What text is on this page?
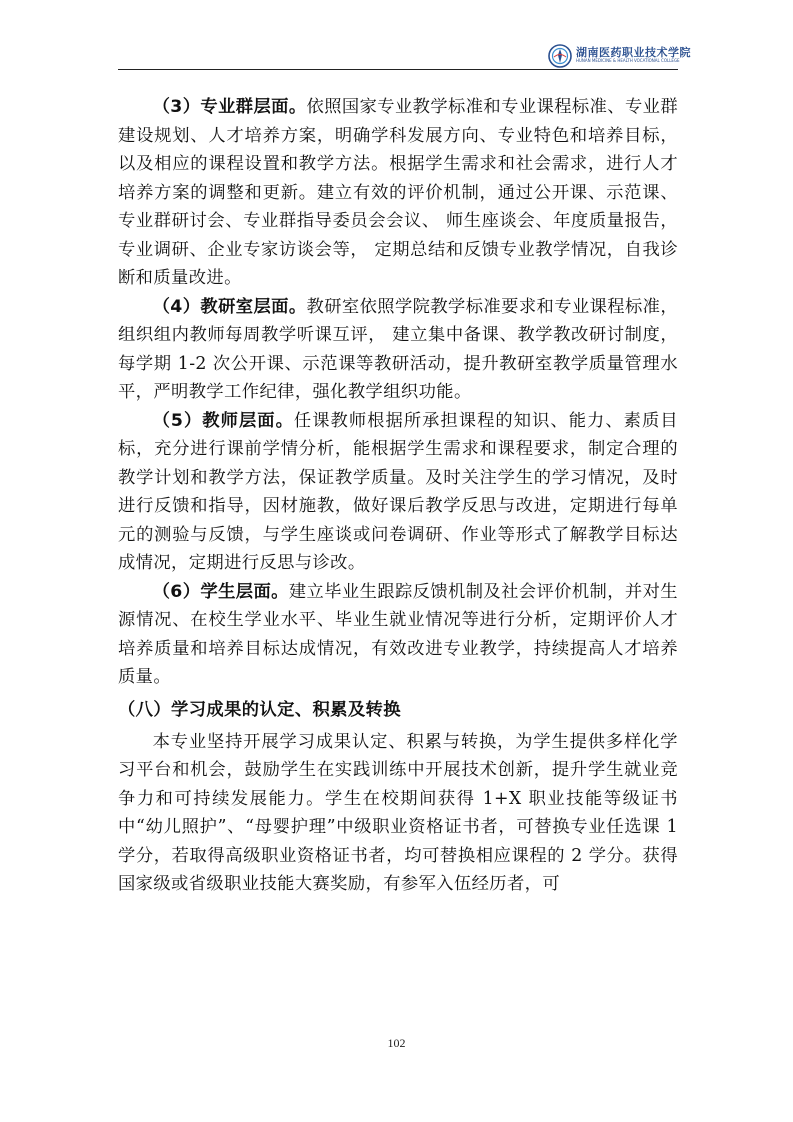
湖南医药职业技术学院
HUNAN MEDICINE & HEALTH VOCATIONAL COLLEGE

（3）专业群层面。依照国家专业教学标准和专业课程标准、专业群建设规划、人才培养方案，明确学科发展方向、专业特色和培养目标，以及相应的课程设置和教学方法。根据学生需求和社会需求，进行人才培养方案的调整和更新。建立有效的评价机制，通过公开课、示范课、 专业群研讨会、专业群指导委员会会议、 师生座谈会、年度质量报告，专业调研、企业专家访谈会等， 定期总结和反馈专业教学情况，自我诊断和质量改进。

（4）教研室层面。教研室依照学院教学标准要求和专业课程标准，组织组内教师每周教学听课互评， 建立集中备课、教学教改研讨制度，每学期 1-2 次公开课、示范课等教研活动，提升教研室教学质量管理水平，严明教学工作纪律，强化教学组织功能。

（5）教师层面。任课教师根据所承担课程的知识、能力、素质目标，充分进行课前学情分析，能根据学生需求和课程要求，制定合理的教学计划和教学方法，保证教学质量。及时关注学生的学习情况，及时进行反馈和指导，因材施教，做好课后教学反思与改进，定期进行每单元的测验与反馈，与学生座谈或问卷调研、作业等形式了解教学目标达成情况，定期进行反思与诊改。

（6）学生层面。建立毕业生跟踪反馈机制及社会评价机制，并对生源情况、在校生学业水平、毕业生就业情况等进行分析，定期评价人才培养质量和培养目标达成情况，有效改进专业教学，持续提高人才培养质量。

（八）学习成果的认定、积累及转换

本专业坚持开展学习成果认定、积累与转换，为学生提供多样化学习平台和机会，鼓励学生在实践训练中开展技术创新，提升学生就业竞争力和可持续发展能力。学生在校期间获得 1+X 职业技能等级证书中“幼儿照护”、“母婴护理”中级职业资格证书者，可替换专业任选课 1 学分，若取得高级职业资格证书者，均可替换相应课程的 2 学分。获得国家级或省级职业技能大赛奖励，有参军入伍经历者，可

102
